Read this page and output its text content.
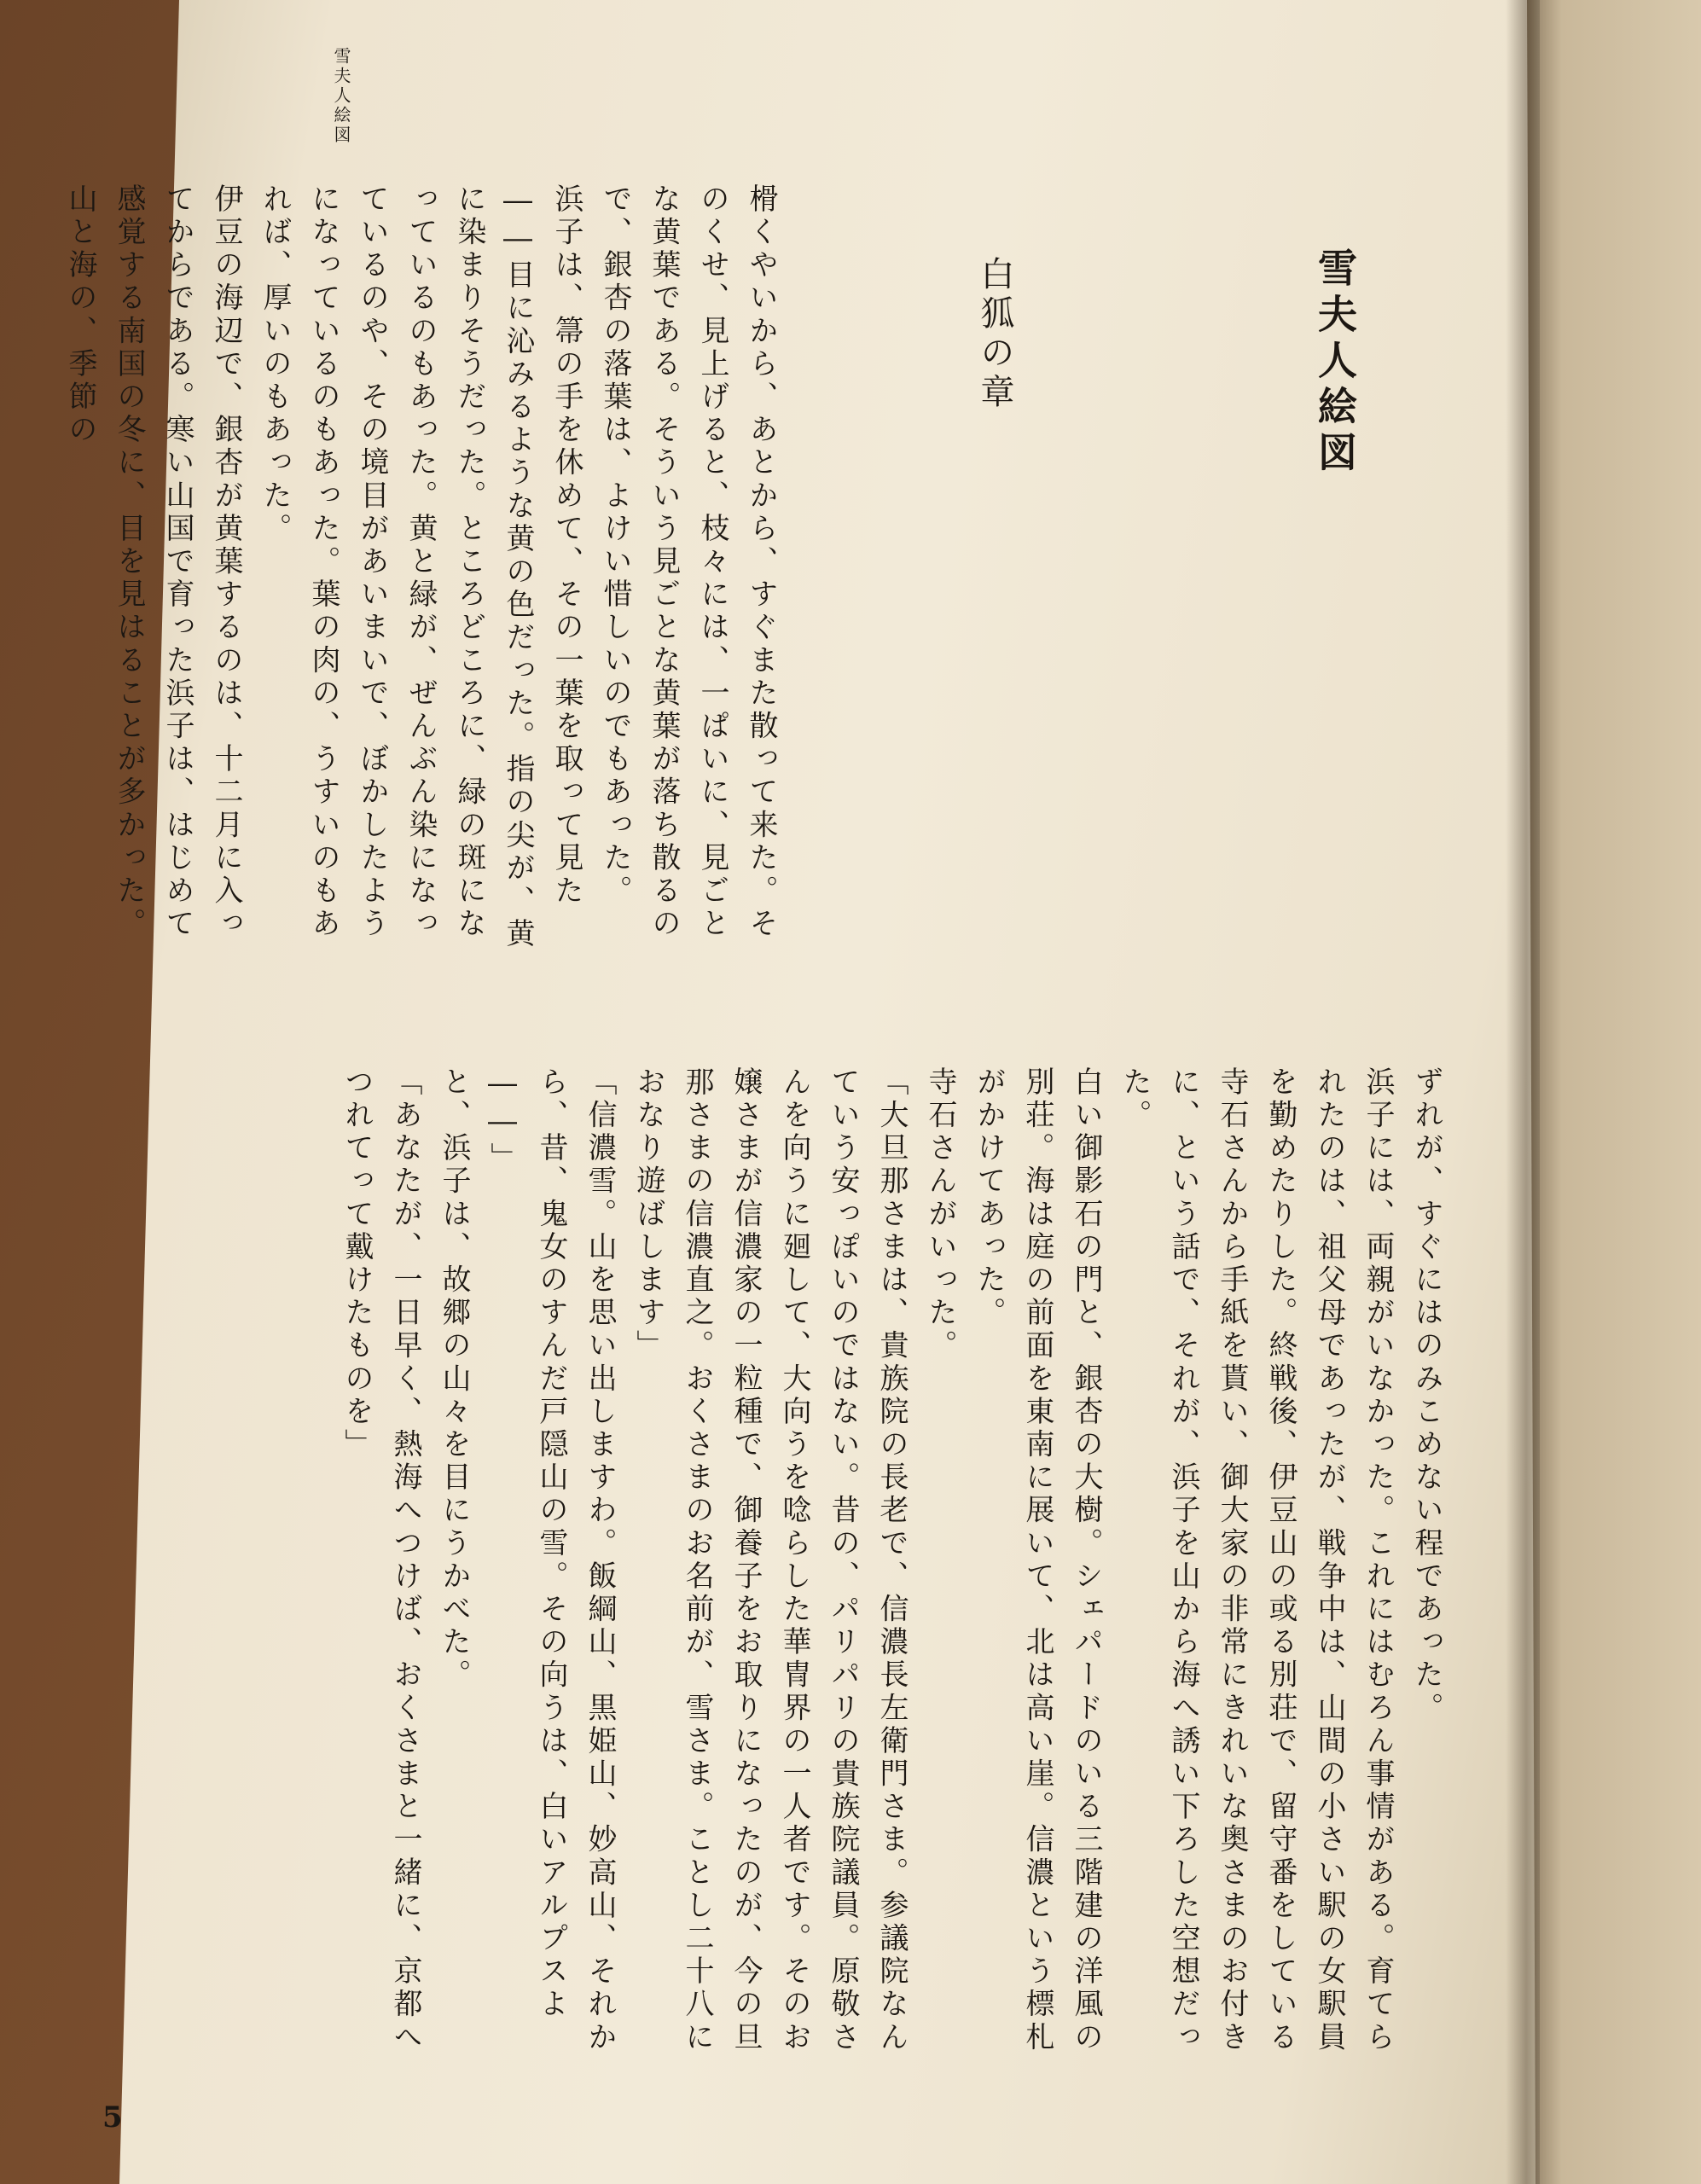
雪夫人絵図
雪夫人絵図
白狐の章
榾くやいから、あとから、すぐまた散って来た。そのくせ、見上げると、枝々には、一ぱいに、見ごとな黄葉である。そういう見ごとな黄葉が落ち散るので、銀杏の落葉は、よけい惜しいのでもあった。
浜子は、箒の手を休めて、その一葉を取って見た――目に沁みるような黄の色だった。指の尖が、黄に染まりそうだった。ところどころに、緑の斑になっているのもあった。黄と緑が、ぜんぶん染になっているのや、その境目があいまいで、ぼかしたようになっているのもあった。葉の肉の、うすいのもあれば、厚いのもあった。
伊豆の海辺で、銀杏が黄葉するのは、十二月に入ってからである。寒い山国で育った浜子は、はじめて感覚する南国の冬に、目を見はることが多かった。山と海の、季節の
ずれが、すぐにはのみこめない程であった。
浜子には、両親がいなかった。これにはむろん事情がある。育てられたのは、祖父母であったが、戦争中は、山間の小さい駅の女駅員を勤めたりした。終戦後、伊豆山の或る別荘で、留守番をしている寺石さんから手紙を貰い、御大家の非常にきれいな奥さまのお付きに、という話で、それが、浜子を山から海へ誘い下ろした空想だった。
白い御影石の門と、銀杏の大樹。シェパードのいる三階建の洋風の別荘。海は庭の前面を東南に展いて、北は高い崖。信濃という標札がかけてあった。
寺石さんがいった。
「大旦那さまは、貴族院の長老で、信濃長左衛門さま。参議院なんていう安っぽいのではない。昔の、パリパリの貴族院議員。原敬さんを向うに廻して、大向うを唸らした華冑界の一人者です。そのお嬢さまが信濃家の一粒種で、御養子をお取りになったのが、今の旦那さまの信濃直之。おくさまのお名前が、雪さま。ことし二十八におなり遊ばします」
「信濃雪。山を思い出しますわ。飯綱山、黒姫山、妙高山、それから、昔、鬼女のすんだ戸隠山の雪。その向うは、白いアルプスよ――」
と、浜子は、故郷の山々を目にうかべた。
「あなたが、一日早く、熱海へつけば、おくさまと一緒に、京都へつれてって戴けたものを」
5
